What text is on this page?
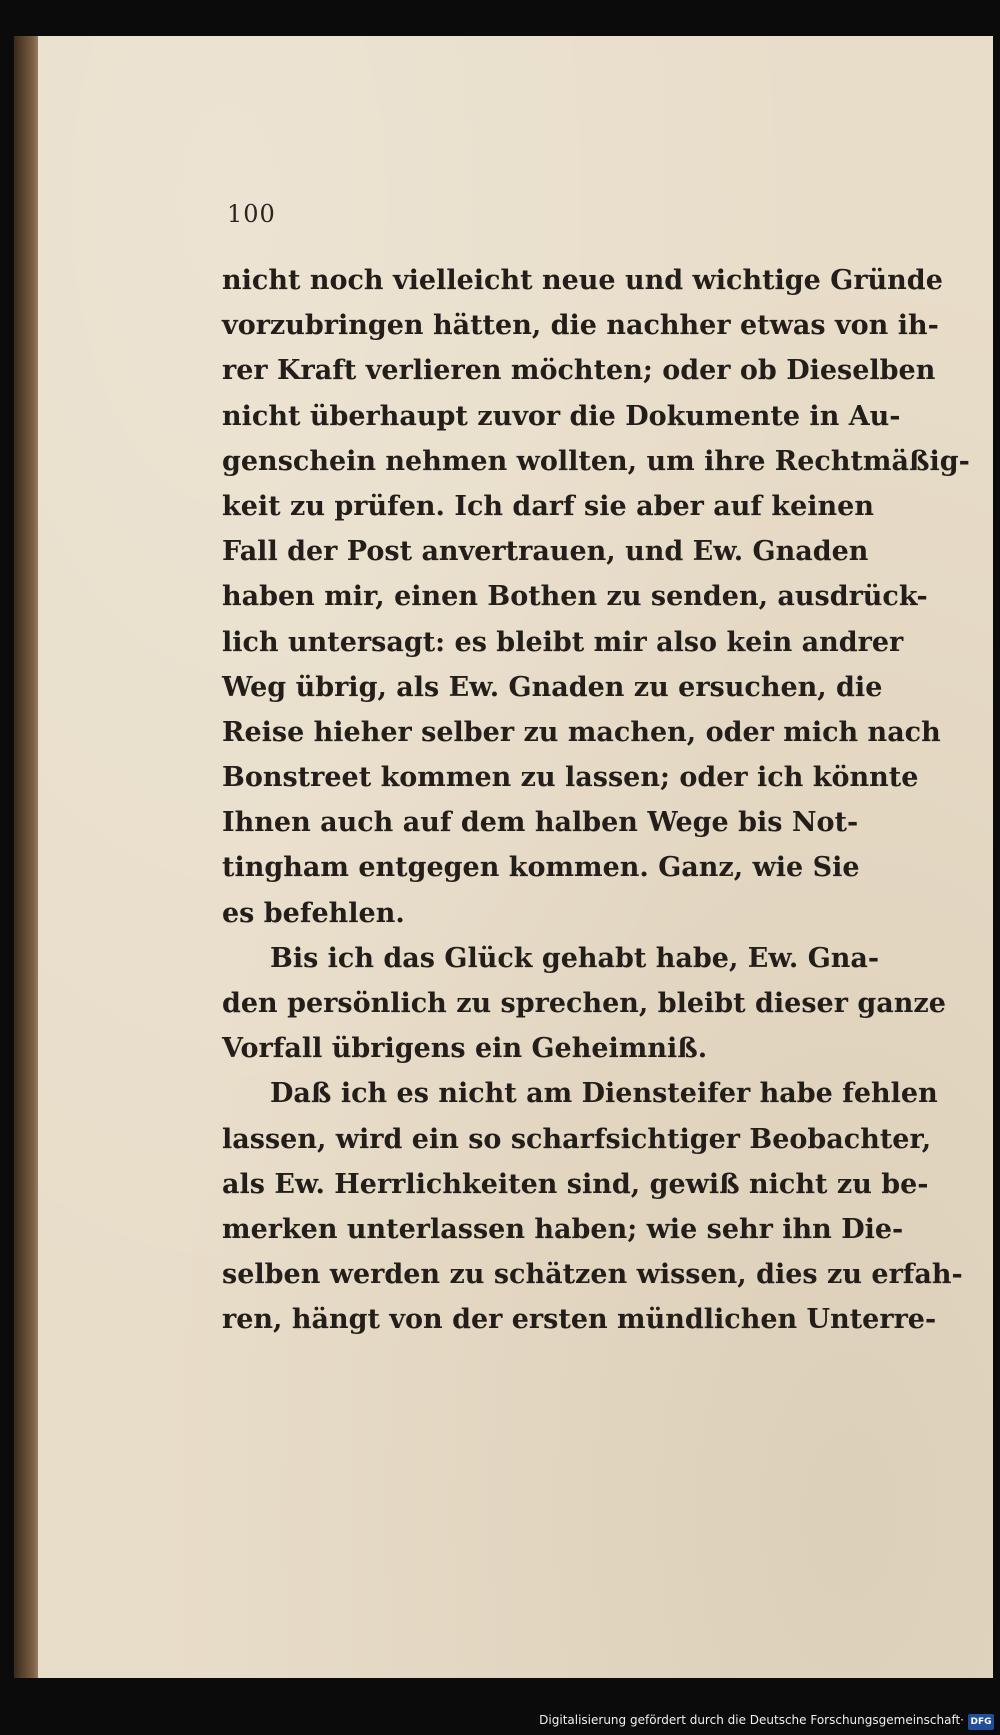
100
nicht noch vielleicht neue und wichtige Gründe
vorzubringen hätten, die nachher etwas von ih-
rer Kraft verlieren möchten; oder ob Dieselben
nicht überhaupt zuvor die Dokumente in Au-
genschein nehmen wollten, um ihre Rechtmäßig-
keit zu prüfen. Ich darf sie aber auf keinen
Fall der Post anvertrauen, und Ew. Gnaden
haben mir, einen Bothen zu senden, ausdrück-
lich untersagt: es bleibt mir also kein andrer
Weg übrig, als Ew. Gnaden zu ersuchen, die
Reise hieher selber zu machen, oder mich nach
Bonstreet kommen zu lassen; oder ich könnte
Ihnen auch auf dem halben Wege bis Not-
tingham entgegen kommen. Ganz, wie Sie
es befehlen.
Bis ich das Glück gehabt habe, Ew. Gna-
den persönlich zu sprechen, bleibt dieser ganze
Vorfall übrigens ein Geheimniß.
Daß ich es nicht am Diensteifer habe fehlen
lassen, wird ein so scharfsichtiger Beobachter,
als Ew. Herrlichkeiten sind, gewiß nicht zu be-
merken unterlassen haben; wie sehr ihn Die-
selben werden zu schätzen wissen, dies zu erfah-
ren, hängt von der ersten mündlichen Unterre-
Digitalisierung gefördert durch die Deutsche Forschungsgemeinschaft· DFG
